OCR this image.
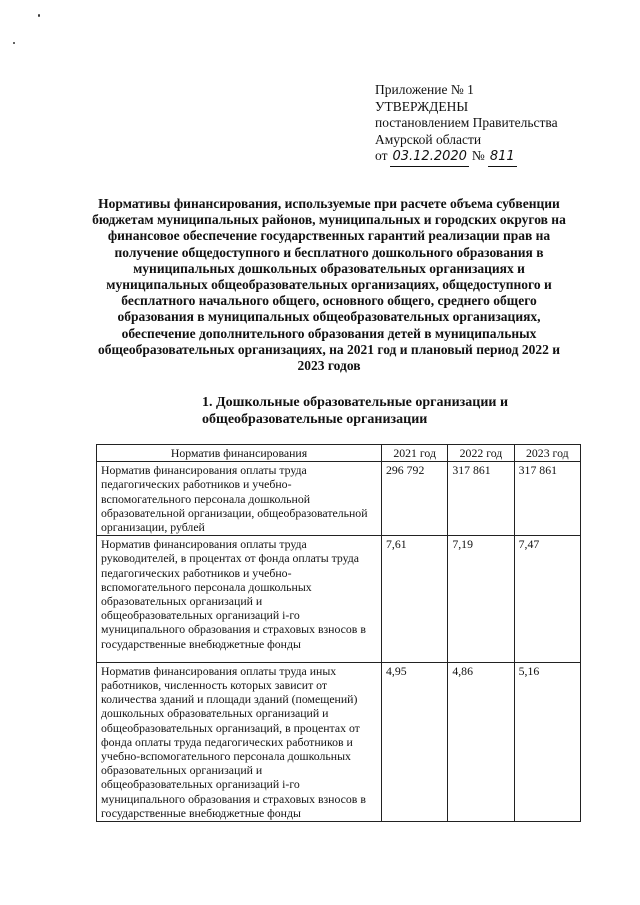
Приложение № 1
УТВЕРЖДЕНЫ
постановлением Правительства
Амурской области
от 03.12.2020 № 811
Нормативы финансирования, используемые при расчете объема субвенции бюджетам муниципальных районов, муниципальных и городских округов на финансовое обеспечение государственных гарантий реализации прав на получение общедоступного и бесплатного дошкольного образования в муниципальных дошкольных образовательных организациях и муниципальных общеобразовательных организациях, общедоступного и бесплатного начального общего, основного общего, среднего общего образования в муниципальных общеобразовательных организациях, обеспечение дополнительного образования детей в муниципальных общеобразовательных организациях, на 2021 год и плановый период 2022 и 2023 годов
1. Дошкольные образовательные организации и общеобразовательные организации
Норматив финансирования	2021 год	2022 год	2023 год
Норматив финансирования оплаты труда педагогических работников и учебно-вспомогательного персонала дошкольной образовательной организации, общеобразовательной организации, рублей	296 792	317 861	317 861
Норматив финансирования оплаты труда руководителей, в процентах от фонда оплаты труда педагогических работников и учебно-вспомогательного персонала дошкольных образовательных организаций и общеобразовательных организаций i-го муниципального образования и страховых взносов в государственные внебюджетные фонды	7,61	7,19	7,47
Норматив финансирования оплаты труда иных работников, численность которых зависит от количества зданий и площади зданий (помещений) дошкольных образовательных организаций и общеобразовательных организаций, в процентах от фонда оплаты труда педагогических работников и учебно-вспомогательного персонала дошкольных образовательных организаций и общеобразовательных организаций i-го муниципального образования и страховых взносов в государственные внебюджетные фонды	4,95	4,86	5,16
